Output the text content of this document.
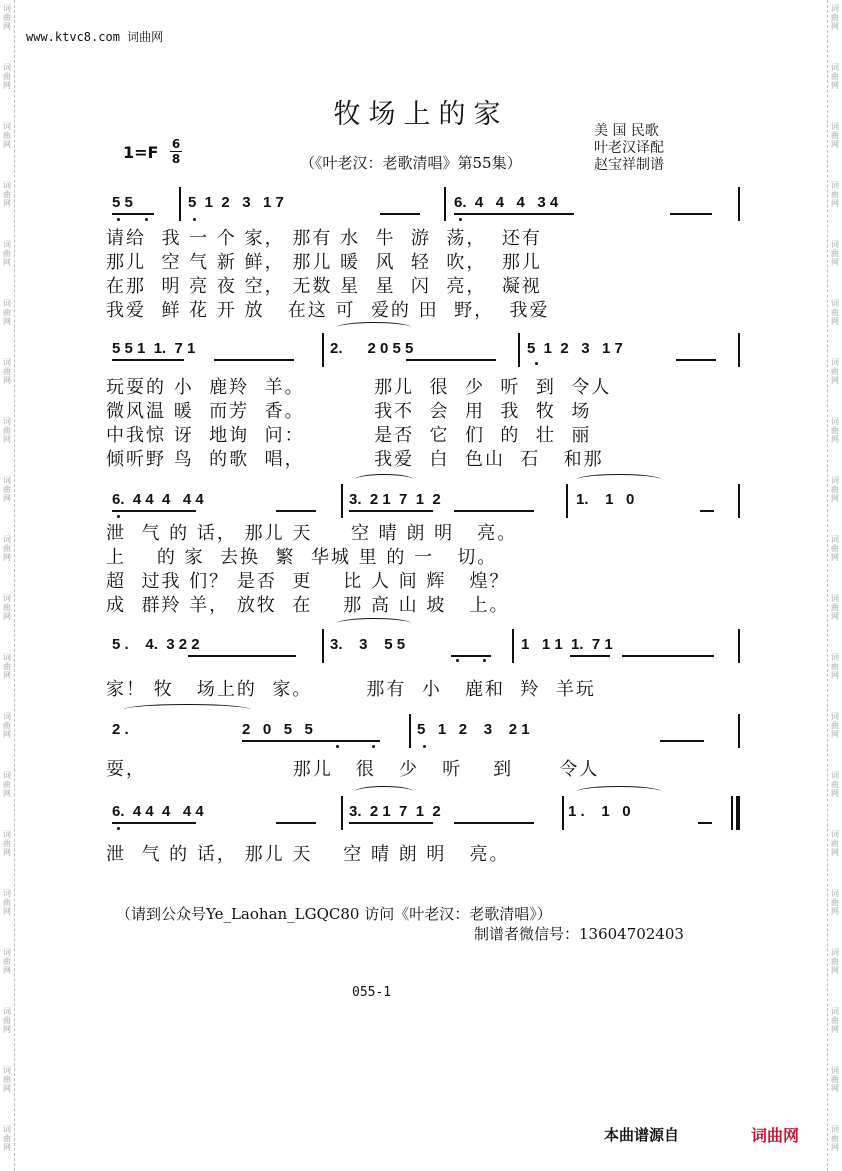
词
曲
网
词
曲
网
词
曲
网
词
曲
网
词
曲
网
词
曲
网
词
曲
网
词
曲
网
词
曲
网
词
曲
网
词
曲
网
词
曲
网
词
曲
网
词
曲
网
词
曲
网
词
曲
网
词
曲
网
词
曲
网
词
曲
网
词
曲
网
词
曲
网
词
曲
网
词
曲
网
词
曲
网
词
曲
网
词
曲
网
词
曲
网
词
曲
网
词
曲
网
词
曲
网
词
曲
网
词
曲
网
词
曲
网
词
曲
网
词
曲
网
词
曲
网
词
曲
网
词
曲
网
词
曲
网
词
曲
网
www.ktvc8.com 词曲网
牧场上的家
1=F 6
8	（《叶老汉：老歌清唱》第55集）
美 国 民歌
叶老汉译配
赵宝祥制谱
5 5	5  1  2   3   1 7	6.  4   4   4   3 4
请给  我 一 个 家， 那有 水  牛  游  荡，  还有
那儿  空 气 新 鲜， 那儿 暖  风  轻  吹，  那儿
在那  明 亮 夜 空， 无数 星  星  闪  亮，  凝视
我爱  鲜 花 开 放   在这 可  爱的 田  野，  我爱
5 5 1  1.  7 1	2.      2 0 5 5	5  1  2   3   1 7
玩耍的 小  鹿羚  羊。         那儿  很  少  听  到  令人
微风温 暖  而芳  香。         我不  会  用  我  牧  场
中我惊 讶  地询  问：         是否  它  们  的  壮  丽
倾听野 鸟  的歌  唱，         我爱  白  色山  石   和那
6.  4 4  4   4 4	3.  2 1  7  1  2	1.    1   0
泄  气 的 话， 那儿 天     空 晴 朗 明   亮。
上    的 家  去换  繁  华城 里 的 一   切。
超  过我 们？ 是否  更    比 人 间 辉   煌？
成  群羚 羊， 放牧  在    那 高 山 坡   上。
5 .    4.  3 2 2	3.    3    5 5	1   1 1  1.  7 1
家！ 牧   场上的  家。       那有  小   鹿和  羚  羊玩
2 .	2   0   5   5	5   1   2    3    2 1
耍，                   那儿   很   少   听    到      令人
6.  4 4  4   4 4	3.  2 1  7  1  2	1 .    1   0
泄  气 的 话， 那儿 天    空 晴 朗 明   亮。
（请到公众号Ye_Laohan_LGQC80 访问《叶老汉：老歌清唱》）
制谱者微信号：13604702403
055-1
本曲谱源自	词曲网
